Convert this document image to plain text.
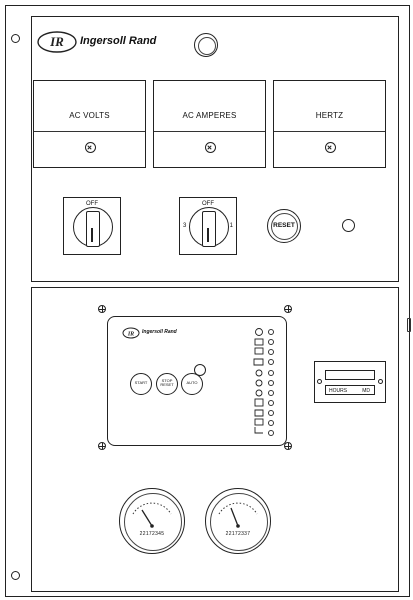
IR Ingersoll Rand
AC VOLTS	AC AMPERES	HERTZ
OFF	OFF
3	1	RESET
IR Ingersoll Rand
START	STOP RESET	AUTO
HOURS	MD
22172345	22172337
